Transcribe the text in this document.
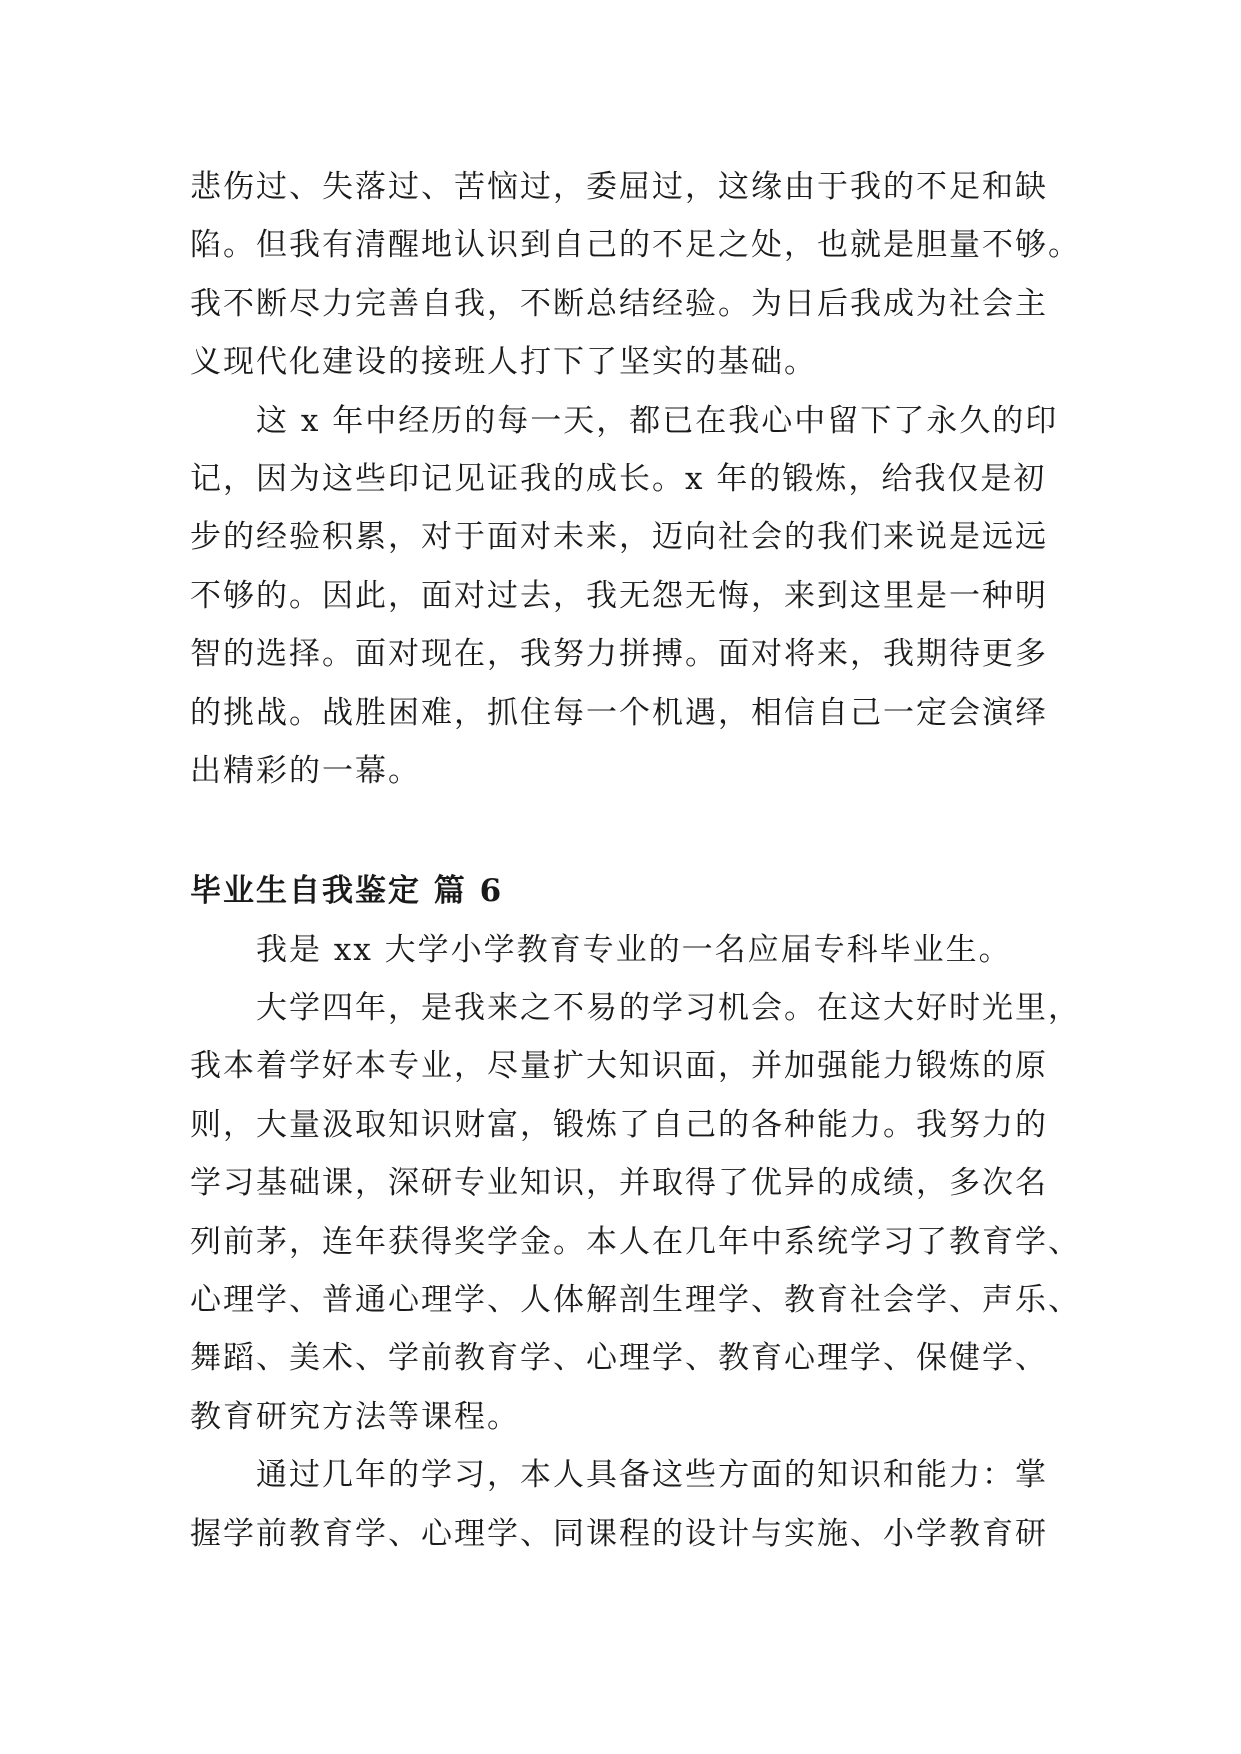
悲伤过、失落过、苦恼过，委屈过，这缘由于我的不足和缺
陷。但我有清醒地认识到自己的不足之处，也就是胆量不够。
我不断尽力完善自我，不断总结经验。为日后我成为社会主
义现代化建设的接班人打下了坚实的基础。

这 x 年中经历的每一天，都已在我心中留下了永久的印
记，因为这些印记见证我的成长。x 年的锻炼，给我仅是初
步的经验积累，对于面对未来，迈向社会的我们来说是远远
不够的。因此，面对过去，我无怨无悔，来到这里是一种明
智的选择。面对现在，我努力拼搏。面对将来，我期待更多
的挑战。战胜困难，抓住每一个机遇，相信自己一定会演绎
出精彩的一幕。

毕业生自我鉴定 篇 6

我是 xx 大学小学教育专业的一名应届专科毕业生。

大学四年，是我来之不易的学习机会。在这大好时光里，
我本着学好本专业，尽量扩大知识面，并加强能力锻炼的原
则，大量汲取知识财富，锻炼了自己的各种能力。我努力的
学习基础课，深研专业知识，并取得了优异的成绩，多次名
列前茅，连年获得奖学金。本人在几年中系统学习了教育学、
心理学、普通心理学、人体解剖生理学、教育社会学、声乐、
舞蹈、美术、学前教育学、心理学、教育心理学、保健学、
教育研究方法等课程。

通过几年的学习，本人具备这些方面的知识和能力：掌
握学前教育学、心理学、同课程的设计与实施、小学教育研
